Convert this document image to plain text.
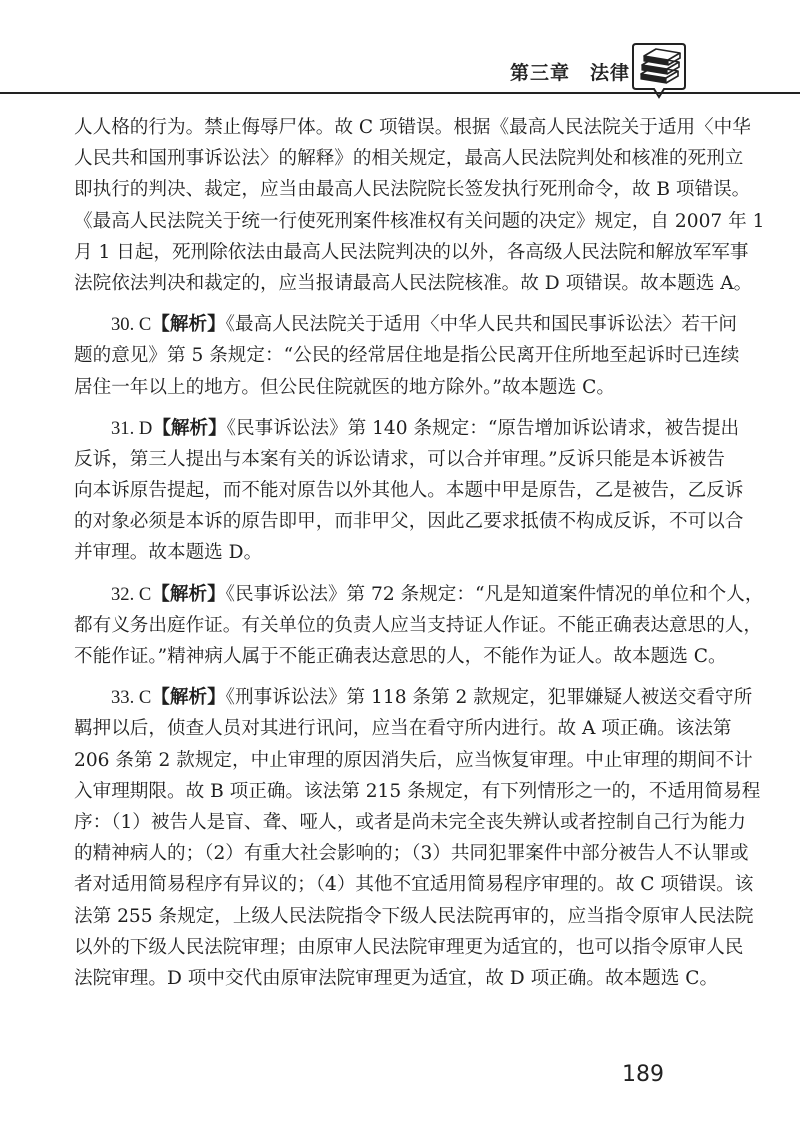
第三章　法律
人人格的行为。禁止侮辱尸体。故 C 项错误。根据《最高人民法院关于适用〈中华
人民共和国刑事诉讼法〉的解释》的相关规定，最高人民法院判处和核准的死刑立
即执行的判决、裁定，应当由最高人民法院院长签发执行死刑命令，故 B 项错误。
《最高人民法院关于统一行使死刑案件核准权有关问题的决定》规定，自 2007 年 1
月 1 日起，死刑除依法由最高人民法院判决的以外，各高级人民法院和解放军军事
法院依法判决和裁定的，应当报请最高人民法院核准。故 D 项错误。故本题选 A。
30. C【解析】《最高人民法院关于适用〈中华人民共和国民事诉讼法〉若干问
题的意见》第 5 条规定：“公民的经常居住地是指公民离开住所地至起诉时已连续
居住一年以上的地方。但公民住院就医的地方除外。”故本题选 C。
31. D【解析】《民事诉讼法》第 140 条规定：“原告增加诉讼请求，被告提出
反诉，第三人提出与本案有关的诉讼请求，可以合并审理。”反诉只能是本诉被告
向本诉原告提起，而不能对原告以外其他人。本题中甲是原告，乙是被告，乙反诉
的对象必须是本诉的原告即甲，而非甲父，因此乙要求抵债不构成反诉，不可以合
并审理。故本题选 D。
32. C【解析】《民事诉讼法》第 72 条规定：“凡是知道案件情况的单位和个人，
都有义务出庭作证。有关单位的负责人应当支持证人作证。不能正确表达意思的人，
不能作证。”精神病人属于不能正确表达意思的人，不能作为证人。故本题选 C。
33. C【解析】《刑事诉讼法》第 118 条第 2 款规定，犯罪嫌疑人被送交看守所
羁押以后，侦查人员对其进行讯问，应当在看守所内进行。故 A 项正确。该法第
206 条第 2 款规定，中止审理的原因消失后，应当恢复审理。中止审理的期间不计
入审理期限。故 B 项正确。该法第 215 条规定，有下列情形之一的，不适用简易程
序：（1）被告人是盲、聋、哑人，或者是尚未完全丧失辨认或者控制自己行为能力
的精神病人的；（2）有重大社会影响的；（3）共同犯罪案件中部分被告人不认罪或
者对适用简易程序有异议的；（4）其他不宜适用简易程序审理的。故 C 项错误。该
法第 255 条规定，上级人民法院指令下级人民法院再审的，应当指令原审人民法院
以外的下级人民法院审理；由原审人民法院审理更为适宜的，也可以指令原审人民
法院审理。D 项中交代由原审法院审理更为适宜，故 D 项正确。故本题选 C。
189
